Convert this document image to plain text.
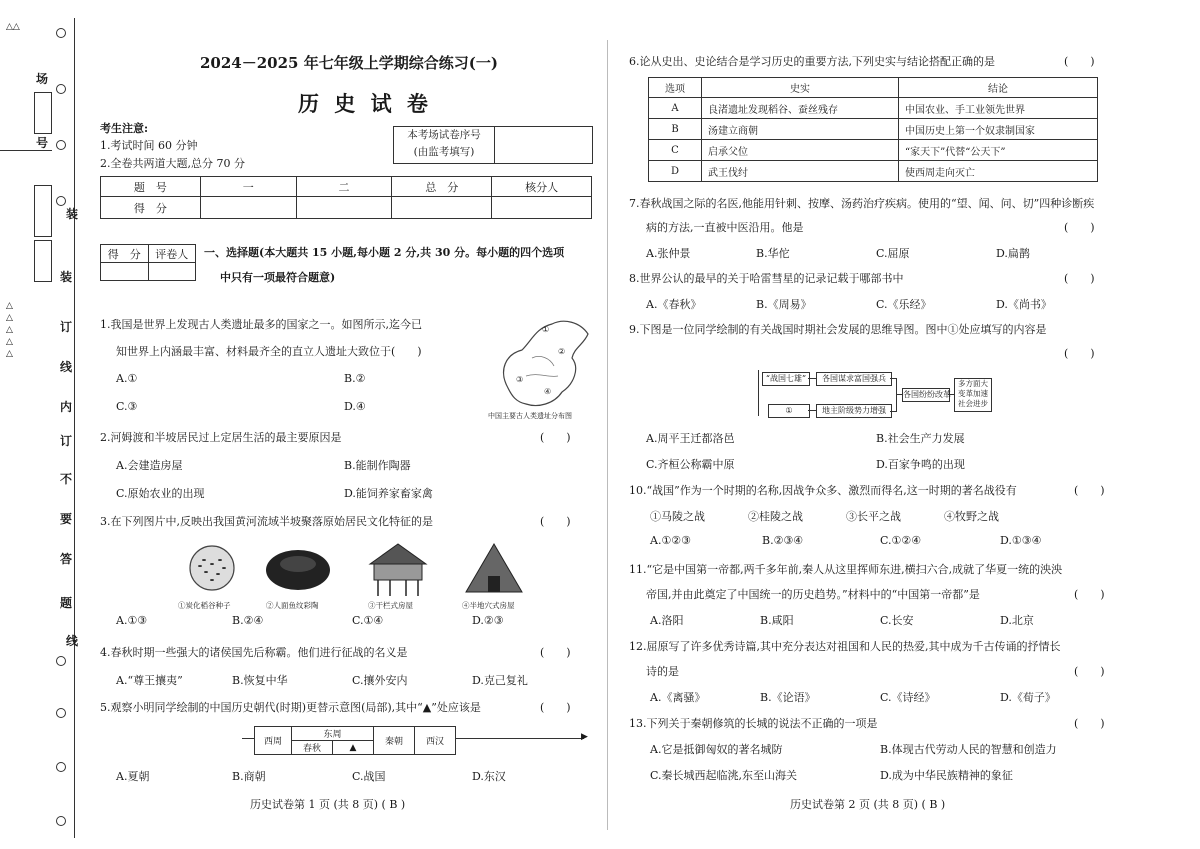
△△
场
号
装
装
△
△
△
△
△
订
线
内
订
不
要
答
题
线
2024－2025 年七年级上学期综合练习(一)
历 史 试 卷
考生注意:
1.考试时间 60 分钟
2.全卷共两道大题,总分 70 分
本考场试卷序号
(由监考填写)
题　号	一	二	总　分	核分人
得　分				
得　分	评卷人
	一、选择题(本大题共 15 小题,每小题 2 分,共 30 分。每小题的四个选项
中只有一项最符合题意)
1.我国是世界上发现古人类遗址最多的国家之一。如图所示,迄今已
知世界上内涵最丰富、材料最齐全的直立人遗址大致位于(　　)
A.①	B.②
C.③	D.④
①
②
③
④
中国主要古人类遗址分布图
2.河姆渡和半坡居民过上定居生活的最主要原因是	(　　)
A.会建造房屋	B.能制作陶器
C.原始农业的出现	D.能饲养家畜家禽
3.在下列图片中,反映出我国黄河流域半坡聚落原始居民文化特征的是	(　　)
①炭化稻谷种子	②人面鱼纹彩陶	③干栏式房屋	④半地穴式房屋
A.①③	B.②④	C.①④	D.②③
4.春秋时期一些强大的诸侯国先后称霸。他们进行征战的名义是	(　　)
A.“尊王攘夷”	B.恢复中华	C.攘外安内	D.克己复礼
5.观察小明同学绘制的中国历史朝代(时期)更替示意图(局部),其中“▲”处应该是	(　　)
▶
西周	东周		秦朝	西汉
	春秋	▲		
A.夏朝	B.商朝	C.战国	D.东汉
历史试卷第 1 页 (共 8 页) ( B )
6.论从史出、史论结合是学习历史的重要方法,下列史实与结论搭配正确的是	(　　)
选项	史实	结论
A	良渚遗址发现稻谷、蚕丝残存	中国农业、手工业领先世界
B	汤建立商朝	中国历史上第一个奴隶制国家
C	启承父位	“家天下”代替“公天下”
D	武王伐纣	使西周走向灭亡
7.春秋战国之际的名医,他能用针刺、按摩、汤药治疗疾病。使用的“望、闻、问、切”四种诊断疾
病的方法,一直被中医沿用。他是	(　　)
A.张仲景	B.华佗	C.屈原	D.扁鹊
8.世界公认的最早的关于哈雷彗星的记录记载于哪部书中	(　　)
A.《春秋》	B.《周易》	C.《乐经》	D.《尚书》
9.下图是一位同学绘制的有关战国时期社会发展的思维导图。图中①处应填写的内容是
(　　)
“战国七雄”	各国谋求富国强兵
①	地主阶级势力增强
各国纷纷改革
多方面大
变革加速
社会进步
A.周平王迁都洛邑	B.社会生产力发展
C.齐桓公称霸中原	D.百家争鸣的出现
10.“战国”作为一个时期的名称,因战争众多、激烈而得名,这一时期的著名战役有	(　　)
①马陵之战	②桂陵之战	③长平之战	④牧野之战
A.①②③	B.②③④	C.①②④	D.①③④
11.“它是中国第一帝都,两千多年前,秦人从这里挥师东进,横扫六合,成就了华夏一统的泱泱
帝国,并由此奠定了中国统一的历史趋势。”材料中的“中国第一帝都”是	(　　)
A.洛阳	B.咸阳	C.长安	D.北京
12.屈原写了许多优秀诗篇,其中充分表达对祖国和人民的热爱,其中成为千古传诵的抒情长
诗的是	(　　)
A.《离骚》	B.《论语》	C.《诗经》	D.《荀子》
13.下列关于秦朝修筑的长城的说法不正确的一项是	(　　)
A.它是抵御匈奴的著名城防	B.体现古代劳动人民的智慧和创造力
C.秦长城西起临洮,东至山海关	D.成为中华民族精神的象征
历史试卷第 2 页 (共 8 页) ( B )
